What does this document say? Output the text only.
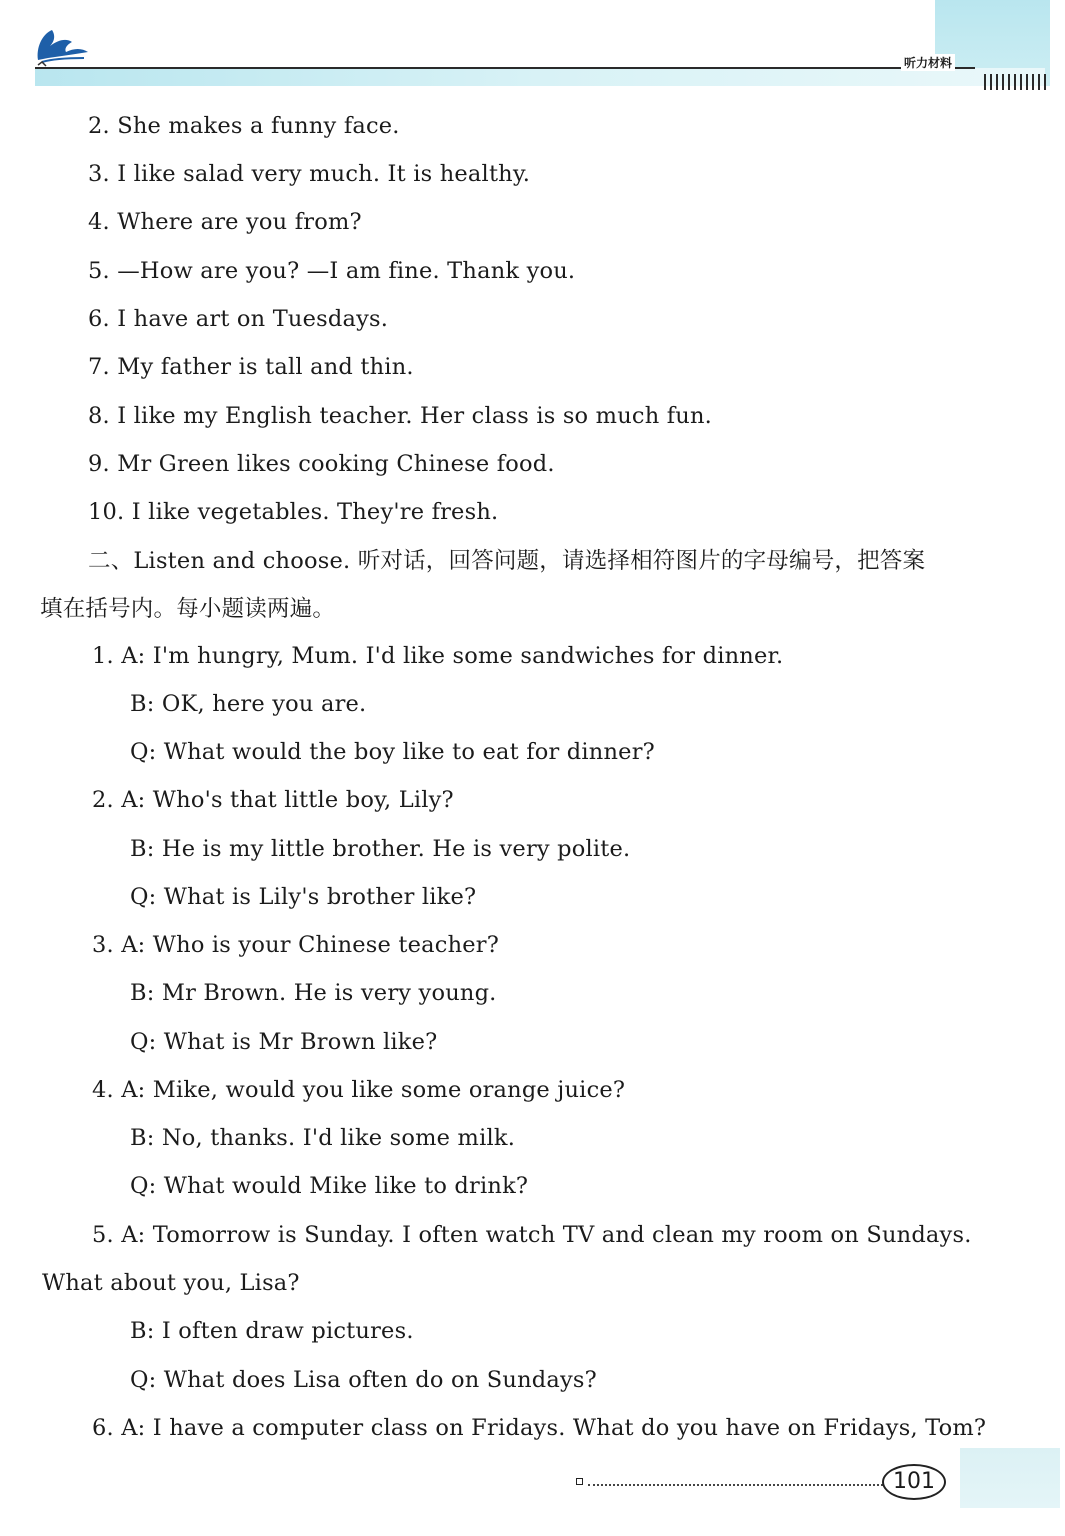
听力材料
2. She makes a funny face.
3. I like salad very much. It is healthy.
4. Where are you from?
5. —How are you? —I am fine. Thank you.
6. I have art on Tuesdays.
7. My father is tall and thin.
8. I like my English teacher. Her class is so much fun.
9. Mr Green likes cooking Chinese food.
10. I like vegetables. They're fresh.
二、Listen and choose. 听对话，回答问题，请选择相符图片的字母编号，把答案
填在括号内。每小题读两遍。
1. A: I'm hungry, Mum. I'd like some sandwiches for dinner.
B: OK, here you are.
Q: What would the boy like to eat for dinner?
2. A: Who's that little boy, Lily?
B: He is my little brother. He is very polite.
Q: What is Lily's brother like?
3. A: Who is your Chinese teacher?
B: Mr Brown. He is very young.
Q: What is Mr Brown like?
4. A: Mike, would you like some orange juice?
B: No, thanks. I'd like some milk.
Q: What would Mike like to drink?
5. A: Tomorrow is Sunday. I often watch TV and clean my room on Sundays.
What about you, Lisa?
B: I often draw pictures.
Q: What does Lisa often do on Sundays?
6. A: I have a computer class on Fridays. What do you have on Fridays, Tom?
101
